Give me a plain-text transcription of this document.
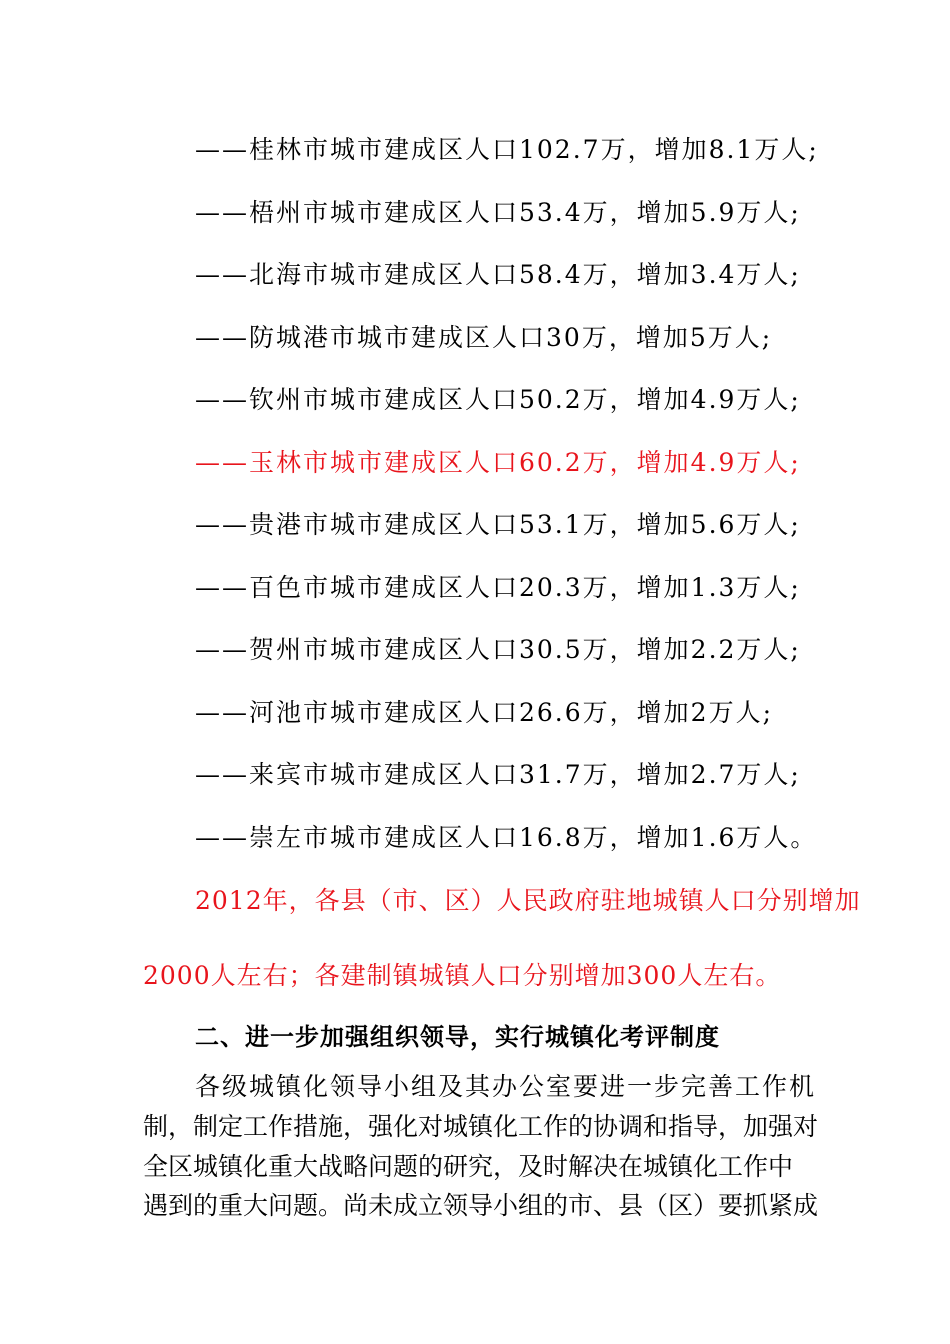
——桂林市城市建成区人口102.7万，增加8.1万人;
——梧州市城市建成区人口53.4万，增加5.9万人;
——北海市城市建成区人口58.4万，增加3.4万人;
——防城港市城市建成区人口30万，增加5万人;
——钦州市城市建成区人口50.2万，增加4.9万人;
——玉林市城市建成区人口60.2万，增加4.9万人;
——贵港市城市建成区人口53.1万，增加5.6万人;
——百色市城市建成区人口20.3万，增加1.3万人;
——贺州市城市建成区人口30.5万，增加2.2万人;
——河池市城市建成区人口26.6万，增加2万人;
——来宾市城市建成区人口31.7万，增加2.7万人;
——崇左市城市建成区人口16.8万，增加1.6万人。
2012年，各县（市、区）人民政府驻地城镇人口分别增加
2000人左右；各建制镇城镇人口分别增加300人左右。
二、进一步加强组织领导，实行城镇化考评制度
各级城镇化领导小组及其办公室要进一步完善工作机
制，制定工作措施，强化对城镇化工作的协调和指导，加强对
全区城镇化重大战略问题的研究，及时解决在城镇化工作中
遇到的重大问题。尚未成立领导小组的市、县（区）要抓紧成
